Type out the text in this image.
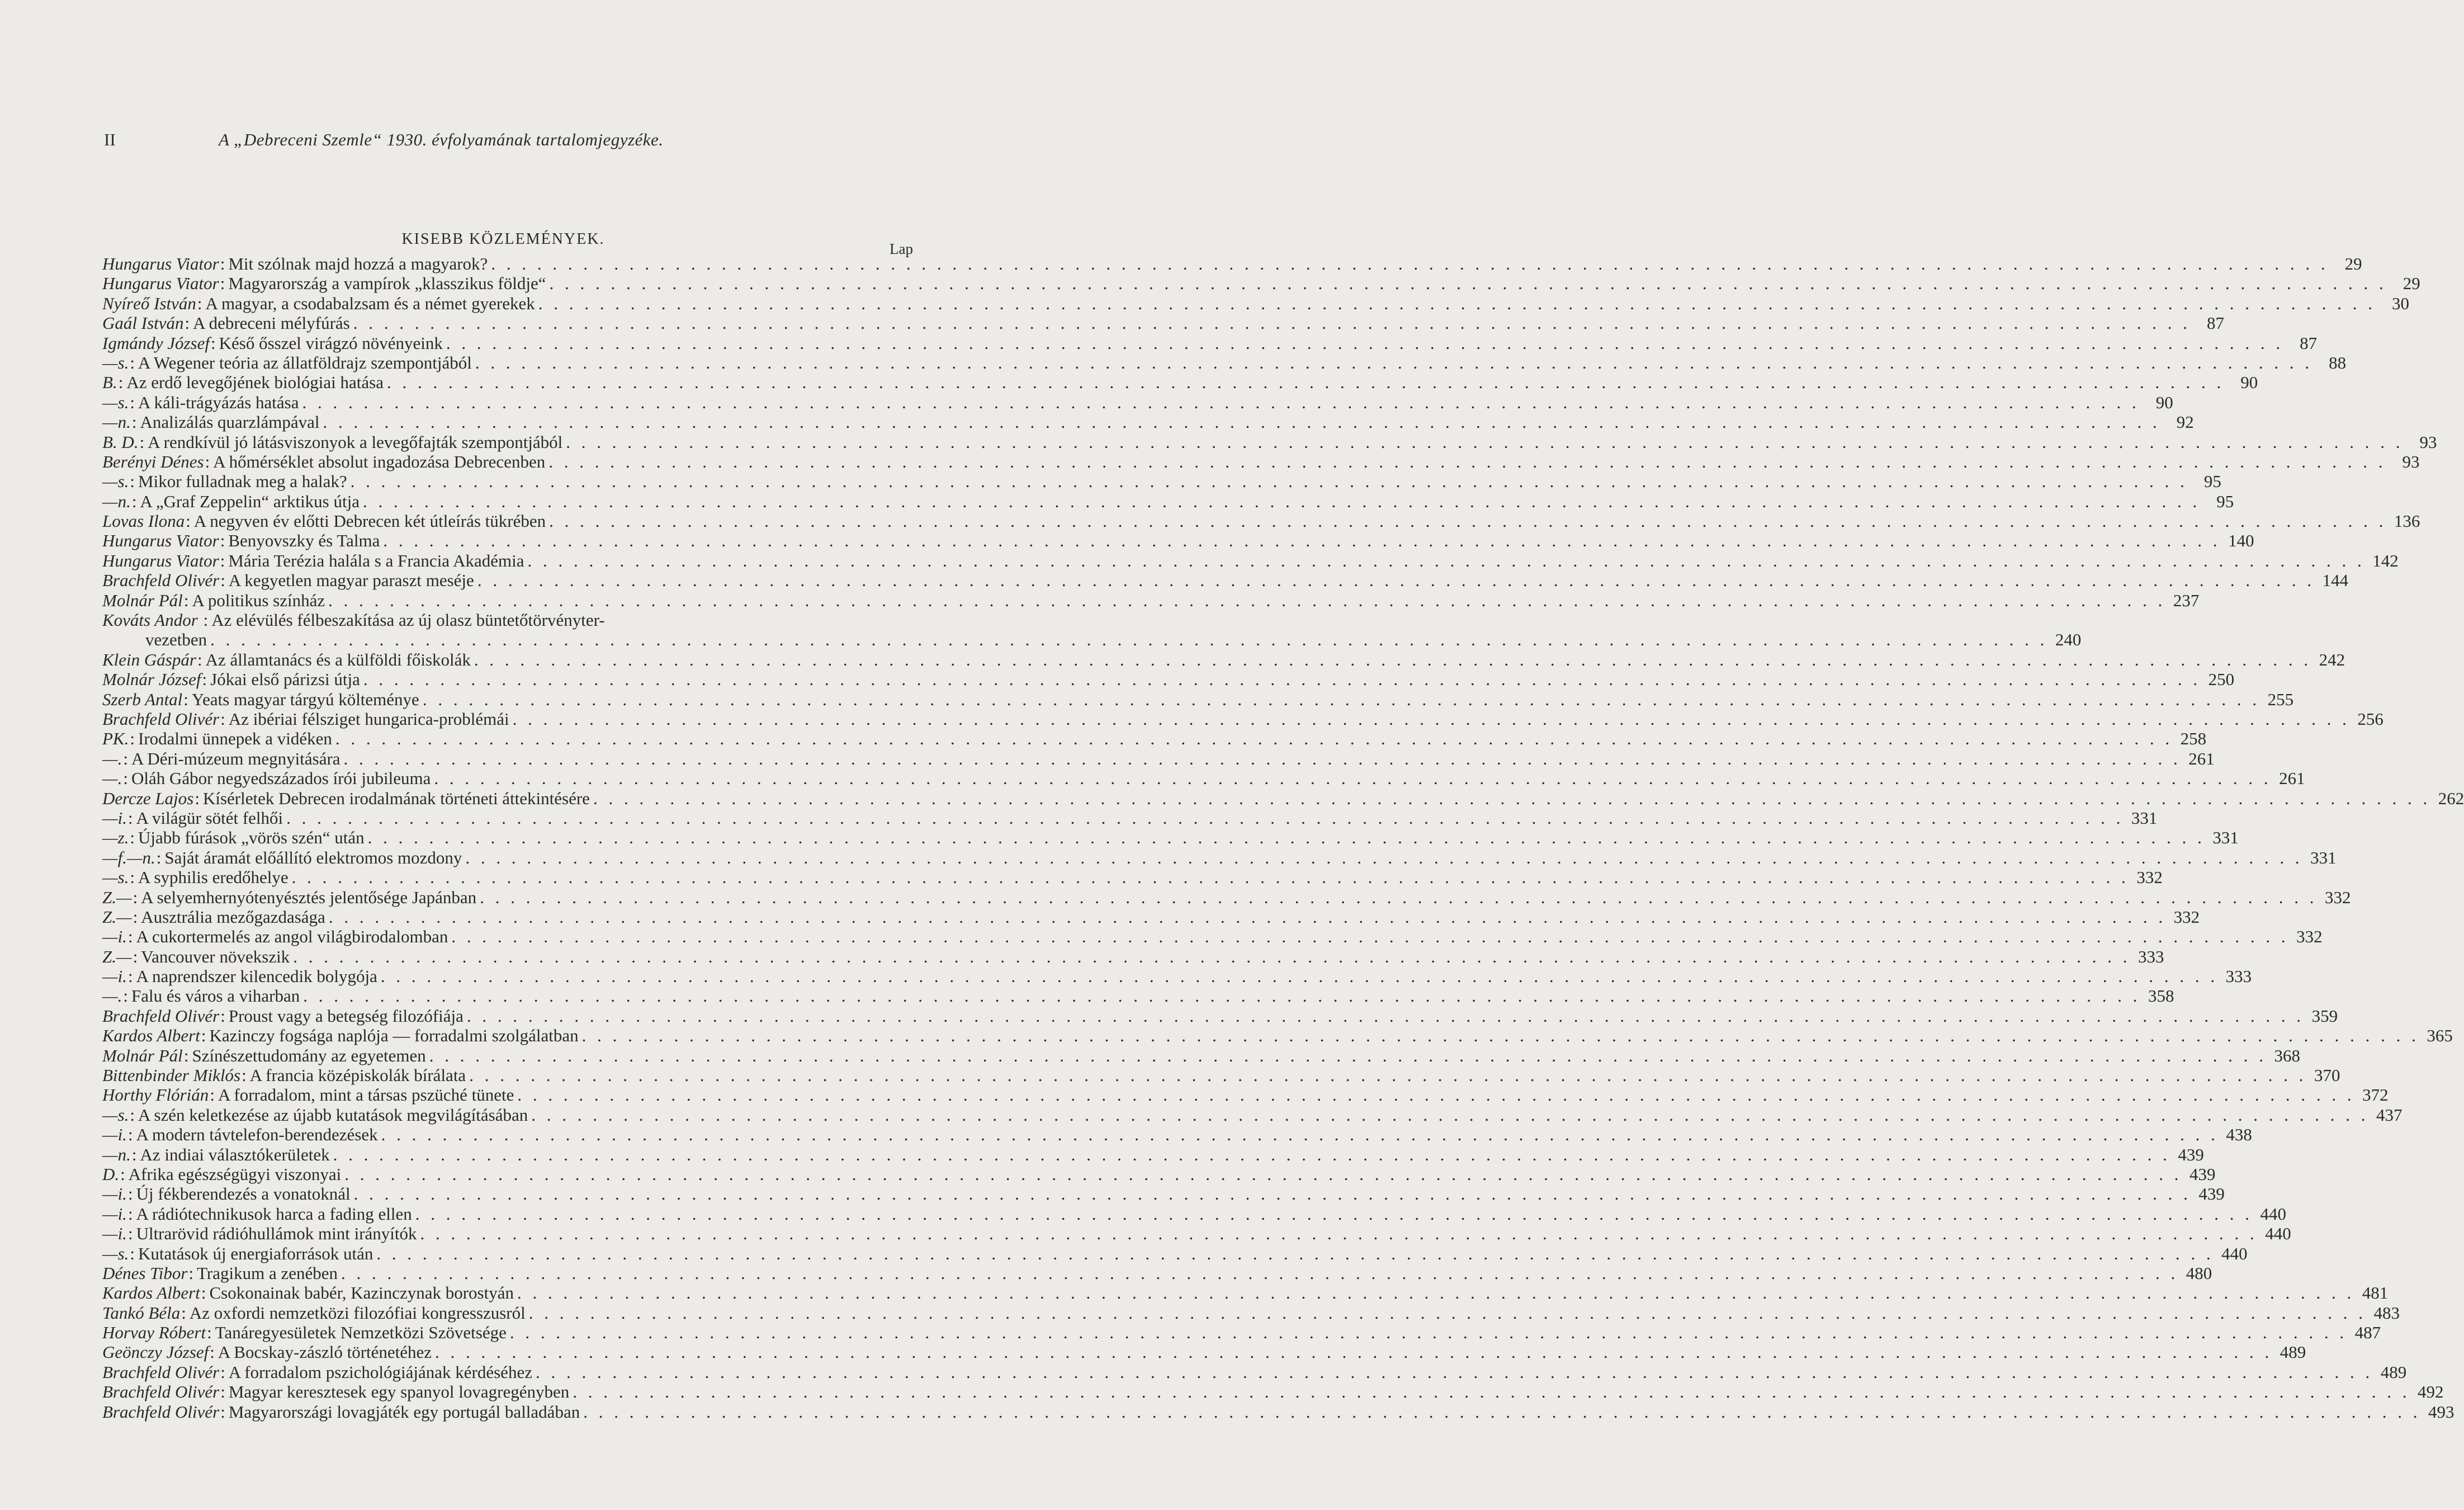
II	A „Debreceni Szemle“ 1930. évfolyamának tartalomjegyzéke.
KISEBB KÖZLEMÉNYEK.
Lap
Hungarus Viator : Mit szólnak majd hozzá a magyarok? . . . . . . . . . . . . . . . . . . . . . . . . . . . . . . . . . . . . . . . . . . . . . . . . . . . . . . . . . . . . . . . . . . . . . . . . . . . . . . . . . . . . . . . . . . . . . . . . . . . . . . . . . . . . . . . . . . . . . . . . 29
Hungarus Viator : Magyarország a vampírok „klasszikus földje“ . . . . . . . . . . . . . . . . . . . . . . . . . . . . . . . . . . . . . . . . . . . . . . . . . . . . . . . . . . . . . . . . . . . . . . . . . . . . . . . . . . . . . . . . . . . . . . . . . . . . . . . . . . . . . . . . . . . . . . . . 29
Nyírеő István : A magyar, a csodabalzsam és a német gyerekek . . . . . . . . . . . . . . . . . . . . . . . . . . . . . . . . . . . . . . . . . . . . . . . . . . . . . . . . . . . . . . . . . . . . . . . . . . . . . . . . . . . . . . . . . . . . . . . . . . . . . . . . . . . . . . . . . . . . . . . . 30
Gaál István : A debreceni mélyfúrás . . . . . . . . . . . . . . . . . . . . . . . . . . . . . . . . . . . . . . . . . . . . . . . . . . . . . . . . . . . . . . . . . . . . . . . . . . . . . . . . . . . . . . . . . . . . . . . . . . . . . . . . . . . . . . . . . . . . . . . . 87
Igmándy József : Késő ősszel virágzó növényeink . . . . . . . . . . . . . . . . . . . . . . . . . . . . . . . . . . . . . . . . . . . . . . . . . . . . . . . . . . . . . . . . . . . . . . . . . . . . . . . . . . . . . . . . . . . . . . . . . . . . . . . . . . . . . . . . . . . . . . . . 87
—s. : A Wegener teória az állatföldrajz szempontjából . . . . . . . . . . . . . . . . . . . . . . . . . . . . . . . . . . . . . . . . . . . . . . . . . . . . . . . . . . . . . . . . . . . . . . . . . . . . . . . . . . . . . . . . . . . . . . . . . . . . . . . . . . . . . . . . . . . . . . . . 88
B. : Az erdő levegőjének biológiai hatása . . . . . . . . . . . . . . . . . . . . . . . . . . . . . . . . . . . . . . . . . . . . . . . . . . . . . . . . . . . . . . . . . . . . . . . . . . . . . . . . . . . . . . . . . . . . . . . . . . . . . . . . . . . . . . . . . . . . . . . . 90
—s. : A káli-trágyázás hatása . . . . . . . . . . . . . . . . . . . . . . . . . . . . . . . . . . . . . . . . . . . . . . . . . . . . . . . . . . . . . . . . . . . . . . . . . . . . . . . . . . . . . . . . . . . . . . . . . . . . . . . . . . . . . . . . . . . . . . . . 90
—n. : Analizálás quarzlámpával . . . . . . . . . . . . . . . . . . . . . . . . . . . . . . . . . . . . . . . . . . . . . . . . . . . . . . . . . . . . . . . . . . . . . . . . . . . . . . . . . . . . . . . . . . . . . . . . . . . . . . . . . . . . . . . . . . . . . . . . 92
B. D. : A rendkívül jó látásviszonyok a levegőfajták szempontjából . . . . . . . . . . . . . . . . . . . . . . . . . . . . . . . . . . . . . . . . . . . . . . . . . . . . . . . . . . . . . . . . . . . . . . . . . . . . . . . . . . . . . . . . . . . . . . . . . . . . . . . . . . . . . . . . . . . . . . . . 93
Berényi Dénes : A hőmérséklet absolut ingadozása Debrecenben . . . . . . . . . . . . . . . . . . . . . . . . . . . . . . . . . . . . . . . . . . . . . . . . . . . . . . . . . . . . . . . . . . . . . . . . . . . . . . . . . . . . . . . . . . . . . . . . . . . . . . . . . . . . . . . . . . . . . . . . 93
—s. : Mikor fulladnak meg a halak? . . . . . . . . . . . . . . . . . . . . . . . . . . . . . . . . . . . . . . . . . . . . . . . . . . . . . . . . . . . . . . . . . . . . . . . . . . . . . . . . . . . . . . . . . . . . . . . . . . . . . . . . . . . . . . . . . . . . . . . . 95
—n. : A „Graf Zeppelin“ arktikus útja . . . . . . . . . . . . . . . . . . . . . . . . . . . . . . . . . . . . . . . . . . . . . . . . . . . . . . . . . . . . . . . . . . . . . . . . . . . . . . . . . . . . . . . . . . . . . . . . . . . . . . . . . . . . . . . . . . . . . . . . 95
Lovas Ilona : A negyven év előtti Debrecen két útleírás tükrében . . . . . . . . . . . . . . . . . . . . . . . . . . . . . . . . . . . . . . . . . . . . . . . . . . . . . . . . . . . . . . . . . . . . . . . . . . . . . . . . . . . . . . . . . . . . . . . . . . . . . . . . . . . . . . . . . . . . . . . . 136
Hungarus Viator : Benyovszky és Talma . . . . . . . . . . . . . . . . . . . . . . . . . . . . . . . . . . . . . . . . . . . . . . . . . . . . . . . . . . . . . . . . . . . . . . . . . . . . . . . . . . . . . . . . . . . . . . . . . . . . . . . . . . . . . . . . . . . . . . . . 140
Hungarus Viator : Mária Terézia halála s a Francia Akadémia . . . . . . . . . . . . . . . . . . . . . . . . . . . . . . . . . . . . . . . . . . . . . . . . . . . . . . . . . . . . . . . . . . . . . . . . . . . . . . . . . . . . . . . . . . . . . . . . . . . . . . . . . . . . . . . . . . . . . . . . 142
Brachfeld Olivér : A kegyetlen magyar paraszt meséje . . . . . . . . . . . . . . . . . . . . . . . . . . . . . . . . . . . . . . . . . . . . . . . . . . . . . . . . . . . . . . . . . . . . . . . . . . . . . . . . . . . . . . . . . . . . . . . . . . . . . . . . . . . . . . . . . . . . . . . . 144
Molnár Pál : A politikus színház . . . . . . . . . . . . . . . . . . . . . . . . . . . . . . . . . . . . . . . . . . . . . . . . . . . . . . . . . . . . . . . . . . . . . . . . . . . . . . . . . . . . . . . . . . . . . . . . . . . . . . . . . . . . . . . . . . . . . . . . 237
Kováts Andor : Az elévülés félbeszakítása az új olasz büntetőtörvényter-
vezetben . . . . . . . . . . . . . . . . . . . . . . . . . . . . . . . . . . . . . . . . . . . . . . . . . . . . . . . . . . . . . . . . . . . . . . . . . . . . . . . . . . . . . . . . . . . . . . . . . . . . . . . . . . . . . . . . . . . . . . . . 240
Klein Gáspár : Az államtanács és a külföldi főiskolák . . . . . . . . . . . . . . . . . . . . . . . . . . . . . . . . . . . . . . . . . . . . . . . . . . . . . . . . . . . . . . . . . . . . . . . . . . . . . . . . . . . . . . . . . . . . . . . . . . . . . . . . . . . . . . . . . . . . . . . . 242
Molnár József : Jókai első párizsi útja . . . . . . . . . . . . . . . . . . . . . . . . . . . . . . . . . . . . . . . . . . . . . . . . . . . . . . . . . . . . . . . . . . . . . . . . . . . . . . . . . . . . . . . . . . . . . . . . . . . . . . . . . . . . . . . . . . . . . . . . 250
Szerb Antal : Yeats magyar tárgyú költeménye . . . . . . . . . . . . . . . . . . . . . . . . . . . . . . . . . . . . . . . . . . . . . . . . . . . . . . . . . . . . . . . . . . . . . . . . . . . . . . . . . . . . . . . . . . . . . . . . . . . . . . . . . . . . . . . . . . . . . . . . 255
Brachfeld Olivér : Az ibériai félsziget hungarica-problémái . . . . . . . . . . . . . . . . . . . . . . . . . . . . . . . . . . . . . . . . . . . . . . . . . . . . . . . . . . . . . . . . . . . . . . . . . . . . . . . . . . . . . . . . . . . . . . . . . . . . . . . . . . . . . . . . . . . . . . . . 256
PK. : Irodalmi ünnepek a vidéken . . . . . . . . . . . . . . . . . . . . . . . . . . . . . . . . . . . . . . . . . . . . . . . . . . . . . . . . . . . . . . . . . . . . . . . . . . . . . . . . . . . . . . . . . . . . . . . . . . . . . . . . . . . . . . . . . . . . . . . . 258
—. : A Déri-múzeum megnyitására . . . . . . . . . . . . . . . . . . . . . . . . . . . . . . . . . . . . . . . . . . . . . . . . . . . . . . . . . . . . . . . . . . . . . . . . . . . . . . . . . . . . . . . . . . . . . . . . . . . . . . . . . . . . . . . . . . . . . . . . 261
—. : Oláh Gábor negyedszázados írói jubileuma . . . . . . . . . . . . . . . . . . . . . . . . . . . . . . . . . . . . . . . . . . . . . . . . . . . . . . . . . . . . . . . . . . . . . . . . . . . . . . . . . . . . . . . . . . . . . . . . . . . . . . . . . . . . . . . . . . . . . . . . 261
Dercze Lajos : Kísérletek Debrecen irodalmának történeti áttekintésére . . . . . . . . . . . . . . . . . . . . . . . . . . . . . . . . . . . . . . . . . . . . . . . . . . . . . . . . . . . . . . . . . . . . . . . . . . . . . . . . . . . . . . . . . . . . . . . . . . . . . . . . . . . . . . . . . . . . . . . . 262
—i. : A világür sötét felhői . . . . . . . . . . . . . . . . . . . . . . . . . . . . . . . . . . . . . . . . . . . . . . . . . . . . . . . . . . . . . . . . . . . . . . . . . . . . . . . . . . . . . . . . . . . . . . . . . . . . . . . . . . . . . . . . . . . . . . . . 331
—z. : Újabb fúrások „vörös szén“ után . . . . . . . . . . . . . . . . . . . . . . . . . . . . . . . . . . . . . . . . . . . . . . . . . . . . . . . . . . . . . . . . . . . . . . . . . . . . . . . . . . . . . . . . . . . . . . . . . . . . . . . . . . . . . . . . . . . . . . . . 331
—f.—n. : Saját áramát előállító elektromos mozdony . . . . . . . . . . . . . . . . . . . . . . . . . . . . . . . . . . . . . . . . . . . . . . . . . . . . . . . . . . . . . . . . . . . . . . . . . . . . . . . . . . . . . . . . . . . . . . . . . . . . . . . . . . . . . . . . . . . . . . . . 331
—s. : A syphilis eredőhelye . . . . . . . . . . . . . . . . . . . . . . . . . . . . . . . . . . . . . . . . . . . . . . . . . . . . . . . . . . . . . . . . . . . . . . . . . . . . . . . . . . . . . . . . . . . . . . . . . . . . . . . . . . . . . . . . . . . . . . . . 332
Z.— : A selyemhernyótenyésztés jelentősége Japánban . . . . . . . . . . . . . . . . . . . . . . . . . . . . . . . . . . . . . . . . . . . . . . . . . . . . . . . . . . . . . . . . . . . . . . . . . . . . . . . . . . . . . . . . . . . . . . . . . . . . . . . . . . . . . . . . . . . . . . . . 332
Z.— : Ausztrália mezőgazdasága . . . . . . . . . . . . . . . . . . . . . . . . . . . . . . . . . . . . . . . . . . . . . . . . . . . . . . . . . . . . . . . . . . . . . . . . . . . . . . . . . . . . . . . . . . . . . . . . . . . . . . . . . . . . . . . . . . . . . . . . 332
—i. : A cukortermelés az angol világbirodalomban . . . . . . . . . . . . . . . . . . . . . . . . . . . . . . . . . . . . . . . . . . . . . . . . . . . . . . . . . . . . . . . . . . . . . . . . . . . . . . . . . . . . . . . . . . . . . . . . . . . . . . . . . . . . . . . . . . . . . . . . 332
Z.— : Vancouver növekszik . . . . . . . . . . . . . . . . . . . . . . . . . . . . . . . . . . . . . . . . . . . . . . . . . . . . . . . . . . . . . . . . . . . . . . . . . . . . . . . . . . . . . . . . . . . . . . . . . . . . . . . . . . . . . . . . . . . . . . . . 333
—i. : A naprendszer kilencedik bolygója . . . . . . . . . . . . . . . . . . . . . . . . . . . . . . . . . . . . . . . . . . . . . . . . . . . . . . . . . . . . . . . . . . . . . . . . . . . . . . . . . . . . . . . . . . . . . . . . . . . . . . . . . . . . . . . . . . . . . . . . 333
—. : Falu és város a viharban . . . . . . . . . . . . . . . . . . . . . . . . . . . . . . . . . . . . . . . . . . . . . . . . . . . . . . . . . . . . . . . . . . . . . . . . . . . . . . . . . . . . . . . . . . . . . . . . . . . . . . . . . . . . . . . . . . . . . . . . 358
Brachfeld Olivér : Proust vagy a betegség filozófiája . . . . . . . . . . . . . . . . . . . . . . . . . . . . . . . . . . . . . . . . . . . . . . . . . . . . . . . . . . . . . . . . . . . . . . . . . . . . . . . . . . . . . . . . . . . . . . . . . . . . . . . . . . . . . . . . . . . . . . . . 359
Kardos Albert : Kazinczy fogsága naplója — forradalmi szolgálatban . . . . . . . . . . . . . . . . . . . . . . . . . . . . . . . . . . . . . . . . . . . . . . . . . . . . . . . . . . . . . . . . . . . . . . . . . . . . . . . . . . . . . . . . . . . . . . . . . . . . . . . . . . . . . . . . . . . . . . . . 365
Molnár Pál : Színészettudomány az egyetemen . . . . . . . . . . . . . . . . . . . . . . . . . . . . . . . . . . . . . . . . . . . . . . . . . . . . . . . . . . . . . . . . . . . . . . . . . . . . . . . . . . . . . . . . . . . . . . . . . . . . . . . . . . . . . . . . . . . . . . . . 368
Bittenbinder Miklós : A francia középiskolák bírálata . . . . . . . . . . . . . . . . . . . . . . . . . . . . . . . . . . . . . . . . . . . . . . . . . . . . . . . . . . . . . . . . . . . . . . . . . . . . . . . . . . . . . . . . . . . . . . . . . . . . . . . . . . . . . . . . . . . . . . . . 370
Horthy Flórián : A forradalom, mint a társas pszüché tünete . . . . . . . . . . . . . . . . . . . . . . . . . . . . . . . . . . . . . . . . . . . . . . . . . . . . . . . . . . . . . . . . . . . . . . . . . . . . . . . . . . . . . . . . . . . . . . . . . . . . . . . . . . . . . . . . . . . . . . . . 372
—s. : A szén keletkezése az újabb kutatások megvilágításában . . . . . . . . . . . . . . . . . . . . . . . . . . . . . . . . . . . . . . . . . . . . . . . . . . . . . . . . . . . . . . . . . . . . . . . . . . . . . . . . . . . . . . . . . . . . . . . . . . . . . . . . . . . . . . . . . . . . . . . . 437
—i. : A modern távtelefon-berendezések . . . . . . . . . . . . . . . . . . . . . . . . . . . . . . . . . . . . . . . . . . . . . . . . . . . . . . . . . . . . . . . . . . . . . . . . . . . . . . . . . . . . . . . . . . . . . . . . . . . . . . . . . . . . . . . . . . . . . . . . 438
—n. : Az indiai választókerületek . . . . . . . . . . . . . . . . . . . . . . . . . . . . . . . . . . . . . . . . . . . . . . . . . . . . . . . . . . . . . . . . . . . . . . . . . . . . . . . . . . . . . . . . . . . . . . . . . . . . . . . . . . . . . . . . . . . . . . . . 439
D. : Afrika egészségügyi viszonyai . . . . . . . . . . . . . . . . . . . . . . . . . . . . . . . . . . . . . . . . . . . . . . . . . . . . . . . . . . . . . . . . . . . . . . . . . . . . . . . . . . . . . . . . . . . . . . . . . . . . . . . . . . . . . . . . . . . . . . . . 439
—i. : Új fékberendezés a vonatoknál . . . . . . . . . . . . . . . . . . . . . . . . . . . . . . . . . . . . . . . . . . . . . . . . . . . . . . . . . . . . . . . . . . . . . . . . . . . . . . . . . . . . . . . . . . . . . . . . . . . . . . . . . . . . . . . . . . . . . . . . 439
—i. : A rádiótechnikusok harca a fading ellen . . . . . . . . . . . . . . . . . . . . . . . . . . . . . . . . . . . . . . . . . . . . . . . . . . . . . . . . . . . . . . . . . . . . . . . . . . . . . . . . . . . . . . . . . . . . . . . . . . . . . . . . . . . . . . . . . . . . . . . . 440
—i. : Ultrarövid rádióhullámok mint irányítók . . . . . . . . . . . . . . . . . . . . . . . . . . . . . . . . . . . . . . . . . . . . . . . . . . . . . . . . . . . . . . . . . . . . . . . . . . . . . . . . . . . . . . . . . . . . . . . . . . . . . . . . . . . . . . . . . . . . . . . . 440
—s. : Kutatások új energiaforrások után . . . . . . . . . . . . . . . . . . . . . . . . . . . . . . . . . . . . . . . . . . . . . . . . . . . . . . . . . . . . . . . . . . . . . . . . . . . . . . . . . . . . . . . . . . . . . . . . . . . . . . . . . . . . . . . . . . . . . . . . 440
Dénes Tibor : Tragikum a zenében . . . . . . . . . . . . . . . . . . . . . . . . . . . . . . . . . . . . . . . . . . . . . . . . . . . . . . . . . . . . . . . . . . . . . . . . . . . . . . . . . . . . . . . . . . . . . . . . . . . . . . . . . . . . . . . . . . . . . . . . 480
Kardos Albert : Csokonainak babér, Kazinczynak borostyán . . . . . . . . . . . . . . . . . . . . . . . . . . . . . . . . . . . . . . . . . . . . . . . . . . . . . . . . . . . . . . . . . . . . . . . . . . . . . . . . . . . . . . . . . . . . . . . . . . . . . . . . . . . . . . . . . . . . . . . . 481
Tankó Béla : Az oxfordi nemzetközi filozófiai kongresszusról . . . . . . . . . . . . . . . . . . . . . . . . . . . . . . . . . . . . . . . . . . . . . . . . . . . . . . . . . . . . . . . . . . . . . . . . . . . . . . . . . . . . . . . . . . . . . . . . . . . . . . . . . . . . . . . . . . . . . . . . 483
Horvay Róbert : Tanáregyesületek Nemzetközi Szövetsége . . . . . . . . . . . . . . . . . . . . . . . . . . . . . . . . . . . . . . . . . . . . . . . . . . . . . . . . . . . . . . . . . . . . . . . . . . . . . . . . . . . . . . . . . . . . . . . . . . . . . . . . . . . . . . . . . . . . . . . . 487
Geönczy József : A Bocskay-zászló történetéhez . . . . . . . . . . . . . . . . . . . . . . . . . . . . . . . . . . . . . . . . . . . . . . . . . . . . . . . . . . . . . . . . . . . . . . . . . . . . . . . . . . . . . . . . . . . . . . . . . . . . . . . . . . . . . . . . . . . . . . . . 489
Brachfeld Olivér : A forradalom pszichológiájának kérdéséhez . . . . . . . . . . . . . . . . . . . . . . . . . . . . . . . . . . . . . . . . . . . . . . . . . . . . . . . . . . . . . . . . . . . . . . . . . . . . . . . . . . . . . . . . . . . . . . . . . . . . . . . . . . . . . . . . . . . . . . . . 489
Brachfeld Olivér : Magyar keresztesek egy spanyol lovagregényben . . . . . . . . . . . . . . . . . . . . . . . . . . . . . . . . . . . . . . . . . . . . . . . . . . . . . . . . . . . . . . . . . . . . . . . . . . . . . . . . . . . . . . . . . . . . . . . . . . . . . . . . . . . . . . . . . . . . . . . . 492
Brachfeld Olivér : Magyarországi lovagjáték egy portugál balladában . . . . . . . . . . . . . . . . . . . . . . . . . . . . . . . . . . . . . . . . . . . . . . . . . . . . . . . . . . . . . . . . . . . . . . . . . . . . . . . . . . . . . . . . . . . . . . . . . . . . . . . . . . . . . . . . . . . . . . . . 493
